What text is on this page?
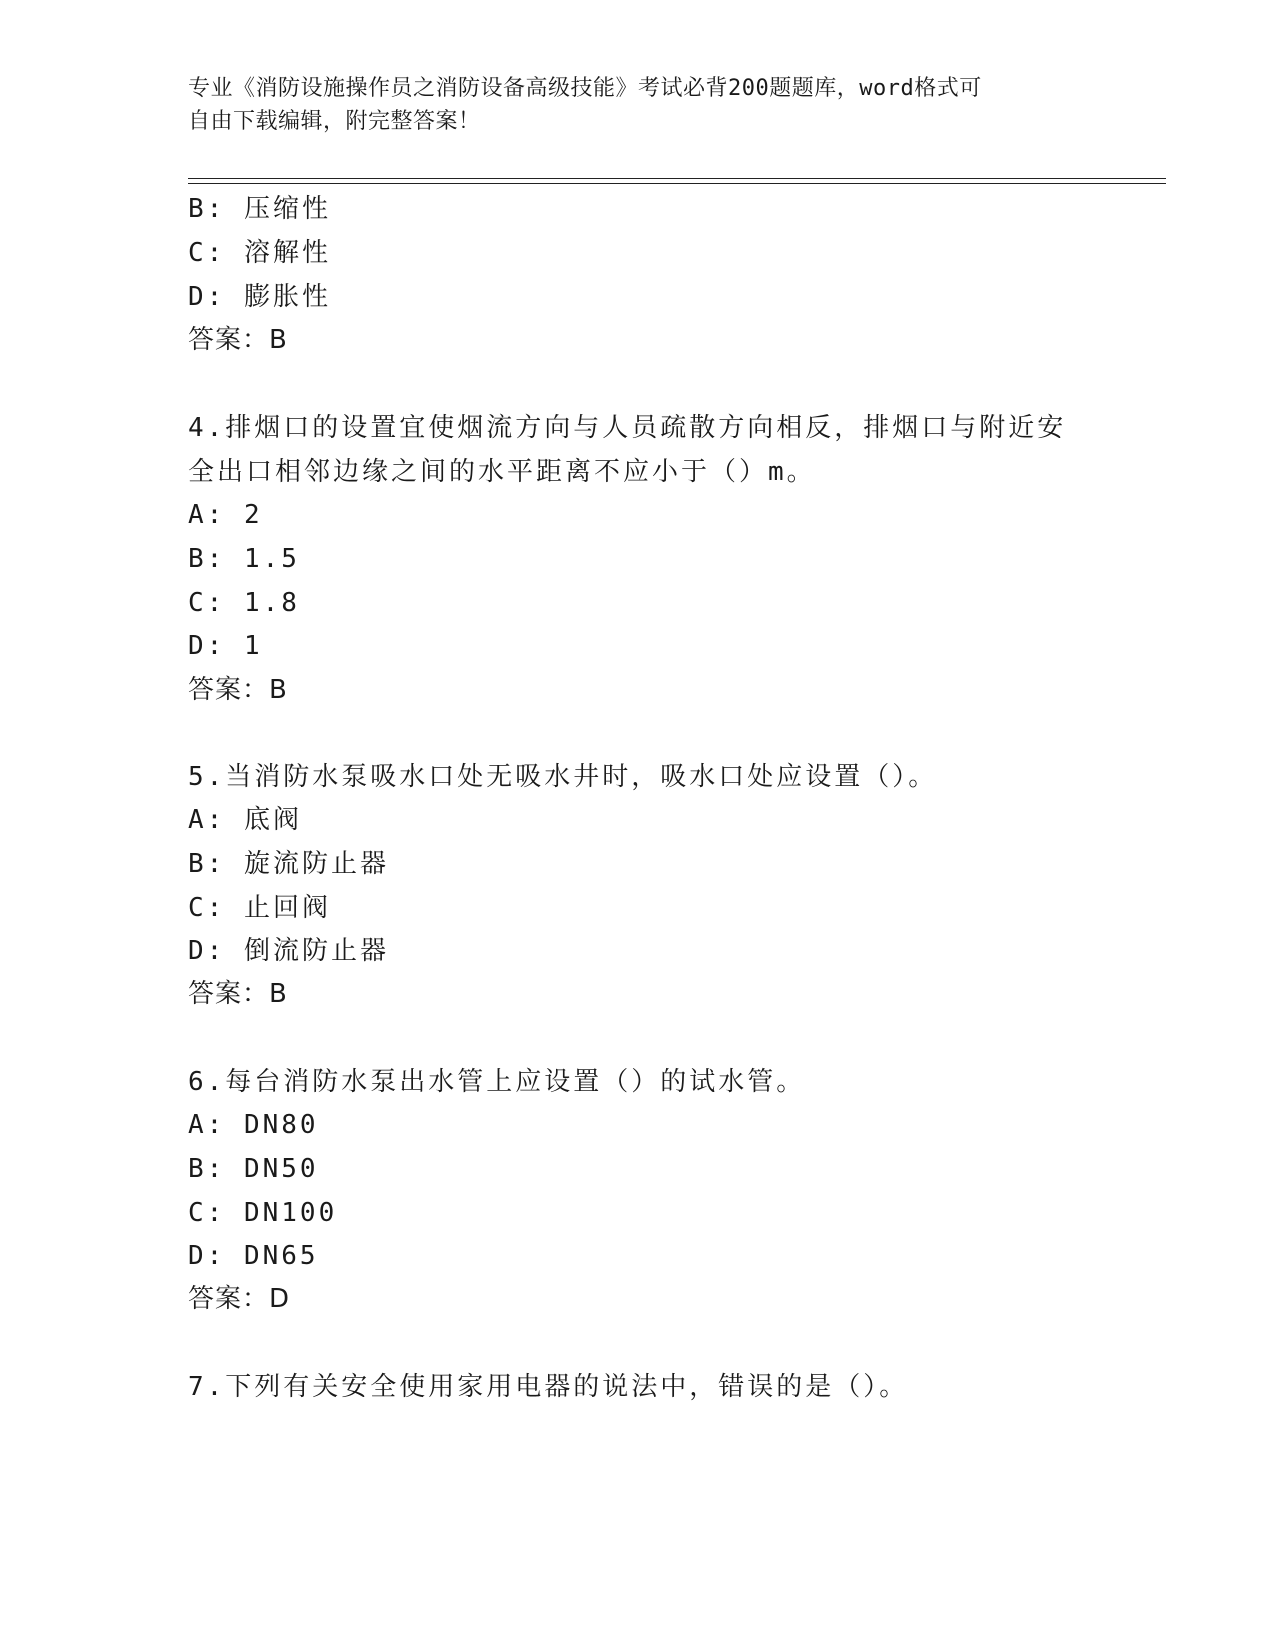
专业《消防设施操作员之消防设备高级技能》考试必背200题题库，word格式可
自由下载编辑，附完整答案！
B: 压缩性
C: 溶解性
D: 膨胀性
答案：B
4.排烟口的设置宜使烟流方向与人员疏散方向相反，排烟口与附近安
全出口相邻边缘之间的水平距离不应小于（）m。
A: 2
B: 1.5
C: 1.8
D: 1
答案：B
5.当消防水泵吸水口处无吸水井时，吸水口处应设置（）。
A: 底阀
B: 旋流防止器
C: 止回阀
D: 倒流防止器
答案：B
6.每台消防水泵出水管上应设置（）的试水管。
A: DN80
B: DN50
C: DN100
D: DN65
答案：D
7.下列有关安全使用家用电器的说法中，错误的是（）。
